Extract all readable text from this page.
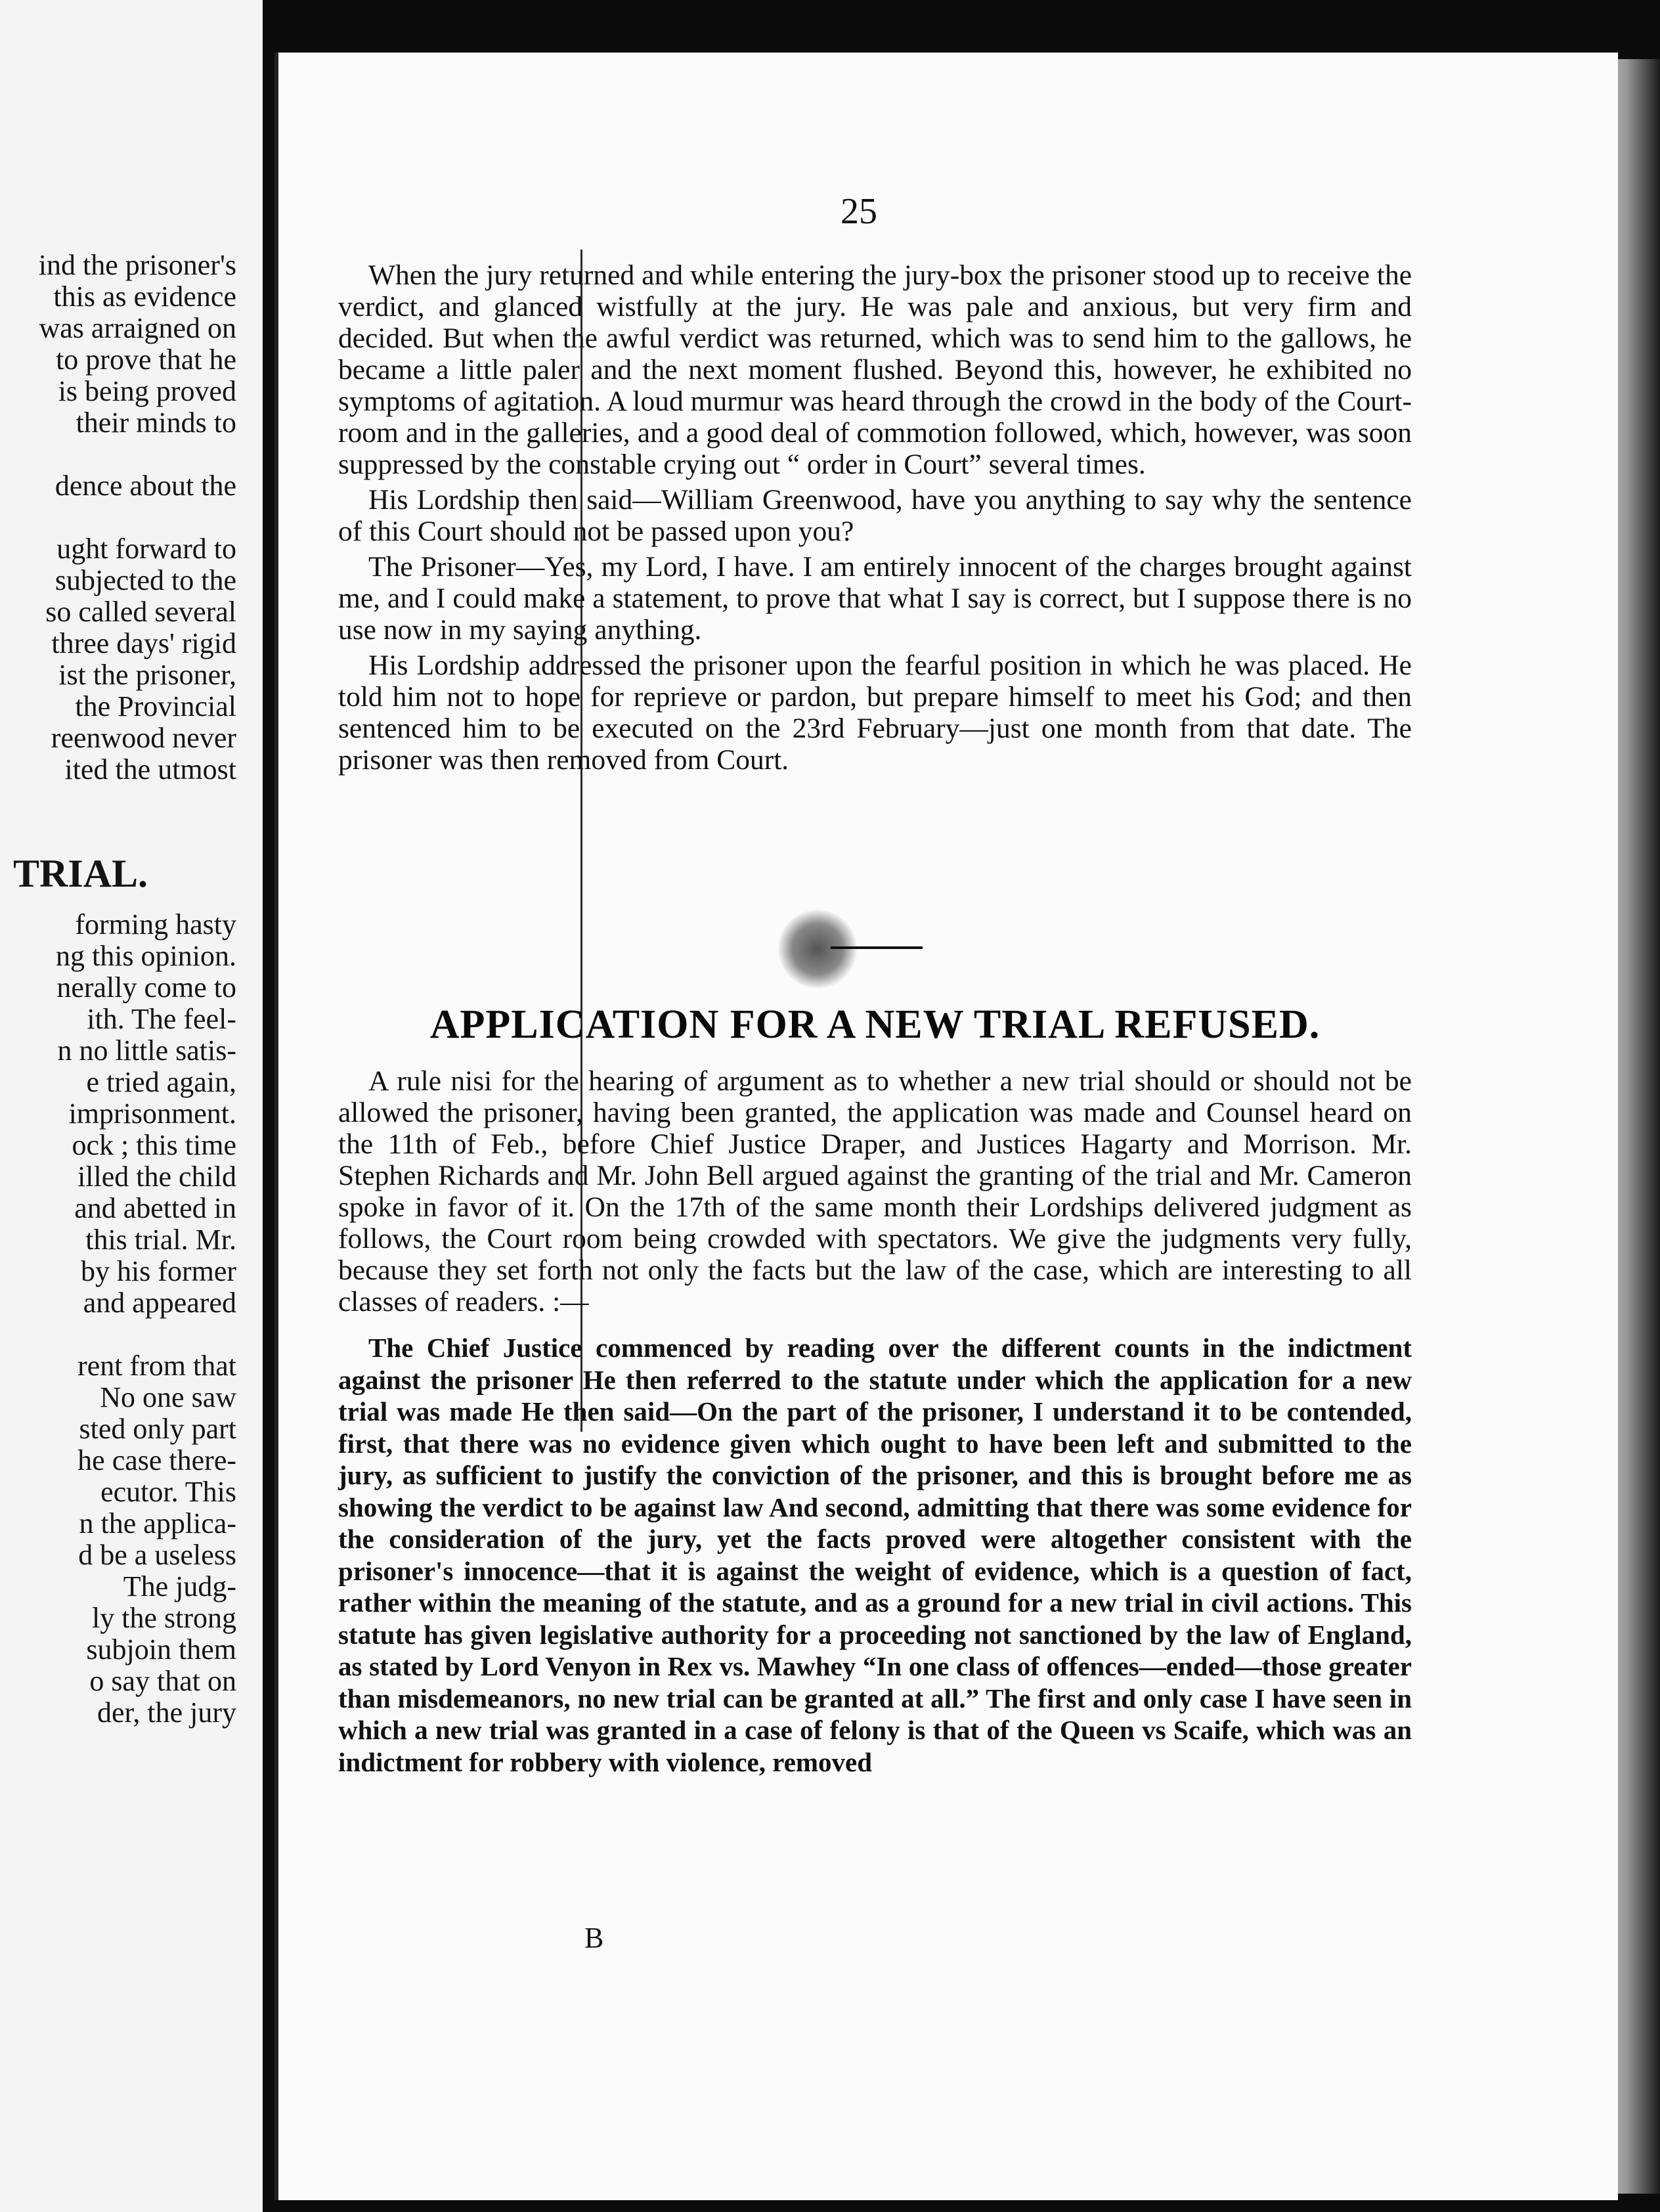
ind the prisoner's
this as evidence
was arraigned on
to prove that he
is being proved
their minds to
dence about the
ught forward to
subjected to the
so called several
three days' rigid
ist the prisoner,
the Provincial
reenwood never
ited the utmost
TRIAL.
forming hasty
ng this opinion.
nerally come to
ith. The feel-
n no little satis-
e tried again,
imprisonment.
ock ; this time
illed the child
and abetted in
this trial. Mr.
by his former
and appeared
rent from that
No one saw
sted only part
he case there-
ecutor. This
n the applica-
d be a useless
The judg-
ly the strong
subjoin them
o say that on
der, the jury
25

When the jury returned and while entering the jury-box the prisoner stood up to receive the verdict, and glanced wistfully at the jury. He was pale and anxious, but very firm and decided. But when the awful verdict was returned, which was to send him to the gallows, he became a little paler and the next moment flushed. Beyond this, however, he exhibited no symptoms of agitation. A loud murmur was heard through the crowd in the body of the Court-room and in the galleries, and a good deal of commotion followed, which, however, was soon suppressed by the constable crying out “ order in Court” several times.

His Lordship then said—William Greenwood, have you anything to say why the sentence of this Court should not be passed upon you?

The Prisoner—Yes, my Lord, I have. I am entirely innocent of the charges brought against me, and I could make a statement, to prove that what I say is correct, but I suppose there is no use now in my saying anything.

His Lordship addressed the prisoner upon the fearful position in which he was placed. He told him not to hope for reprieve or pardon, but prepare himself to meet his God; and then sentenced him to be executed on the 23rd February—just one month from that date. The prisoner was then removed from Court.

APPLICATION FOR A NEW TRIAL REFUSED.

A rule nisi for the hearing of argument as to whether a new trial should or should not be allowed the prisoner, having been granted, the application was made and Counsel heard on the 11th of Feb., before Chief Justice Draper, and Justices Hagarty and Morrison. Mr. Stephen Richards and Mr. John Bell argued against the granting of the trial and Mr. Cameron spoke in favor of it. On the 17th of the same month their Lordships delivered judgment as follows, the Court room being crowded with spectators. We give the judgments very fully, because they set forth not only the facts but the law of the case, which are interesting to all classes of readers. :—

The Chief Justice commenced by reading over the different counts in the indictment against the prisoner He then referred to the statute under which the application for a new trial was made He then said—On the part of the prisoner, I understand it to be contended, first, that there was no evidence given which ought to have been left and submitted to the jury, as sufficient to justify the conviction of the prisoner, and this is brought before me as showing the verdict to be against law And second, admitting that there was some evidence for the consideration of the jury, yet the facts proved were altogether consistent with the prisoner's innocence—that it is against the weight of evidence, which is a question of fact, rather within the meaning of the statute, and as a ground for a new trial in civil actions. This statute has given legislative authority for a proceeding not sanctioned by the law of England, as stated by Lord Venyon in Rex vs. Mawhey “In one class of offences—ended—those greater than misdemeanors, no new trial can be granted at all.” The first and only case I have seen in which a new trial was granted in a case of felony is that of the Queen vs Scaife, which was an indictment for robbery with violence, removed

B
